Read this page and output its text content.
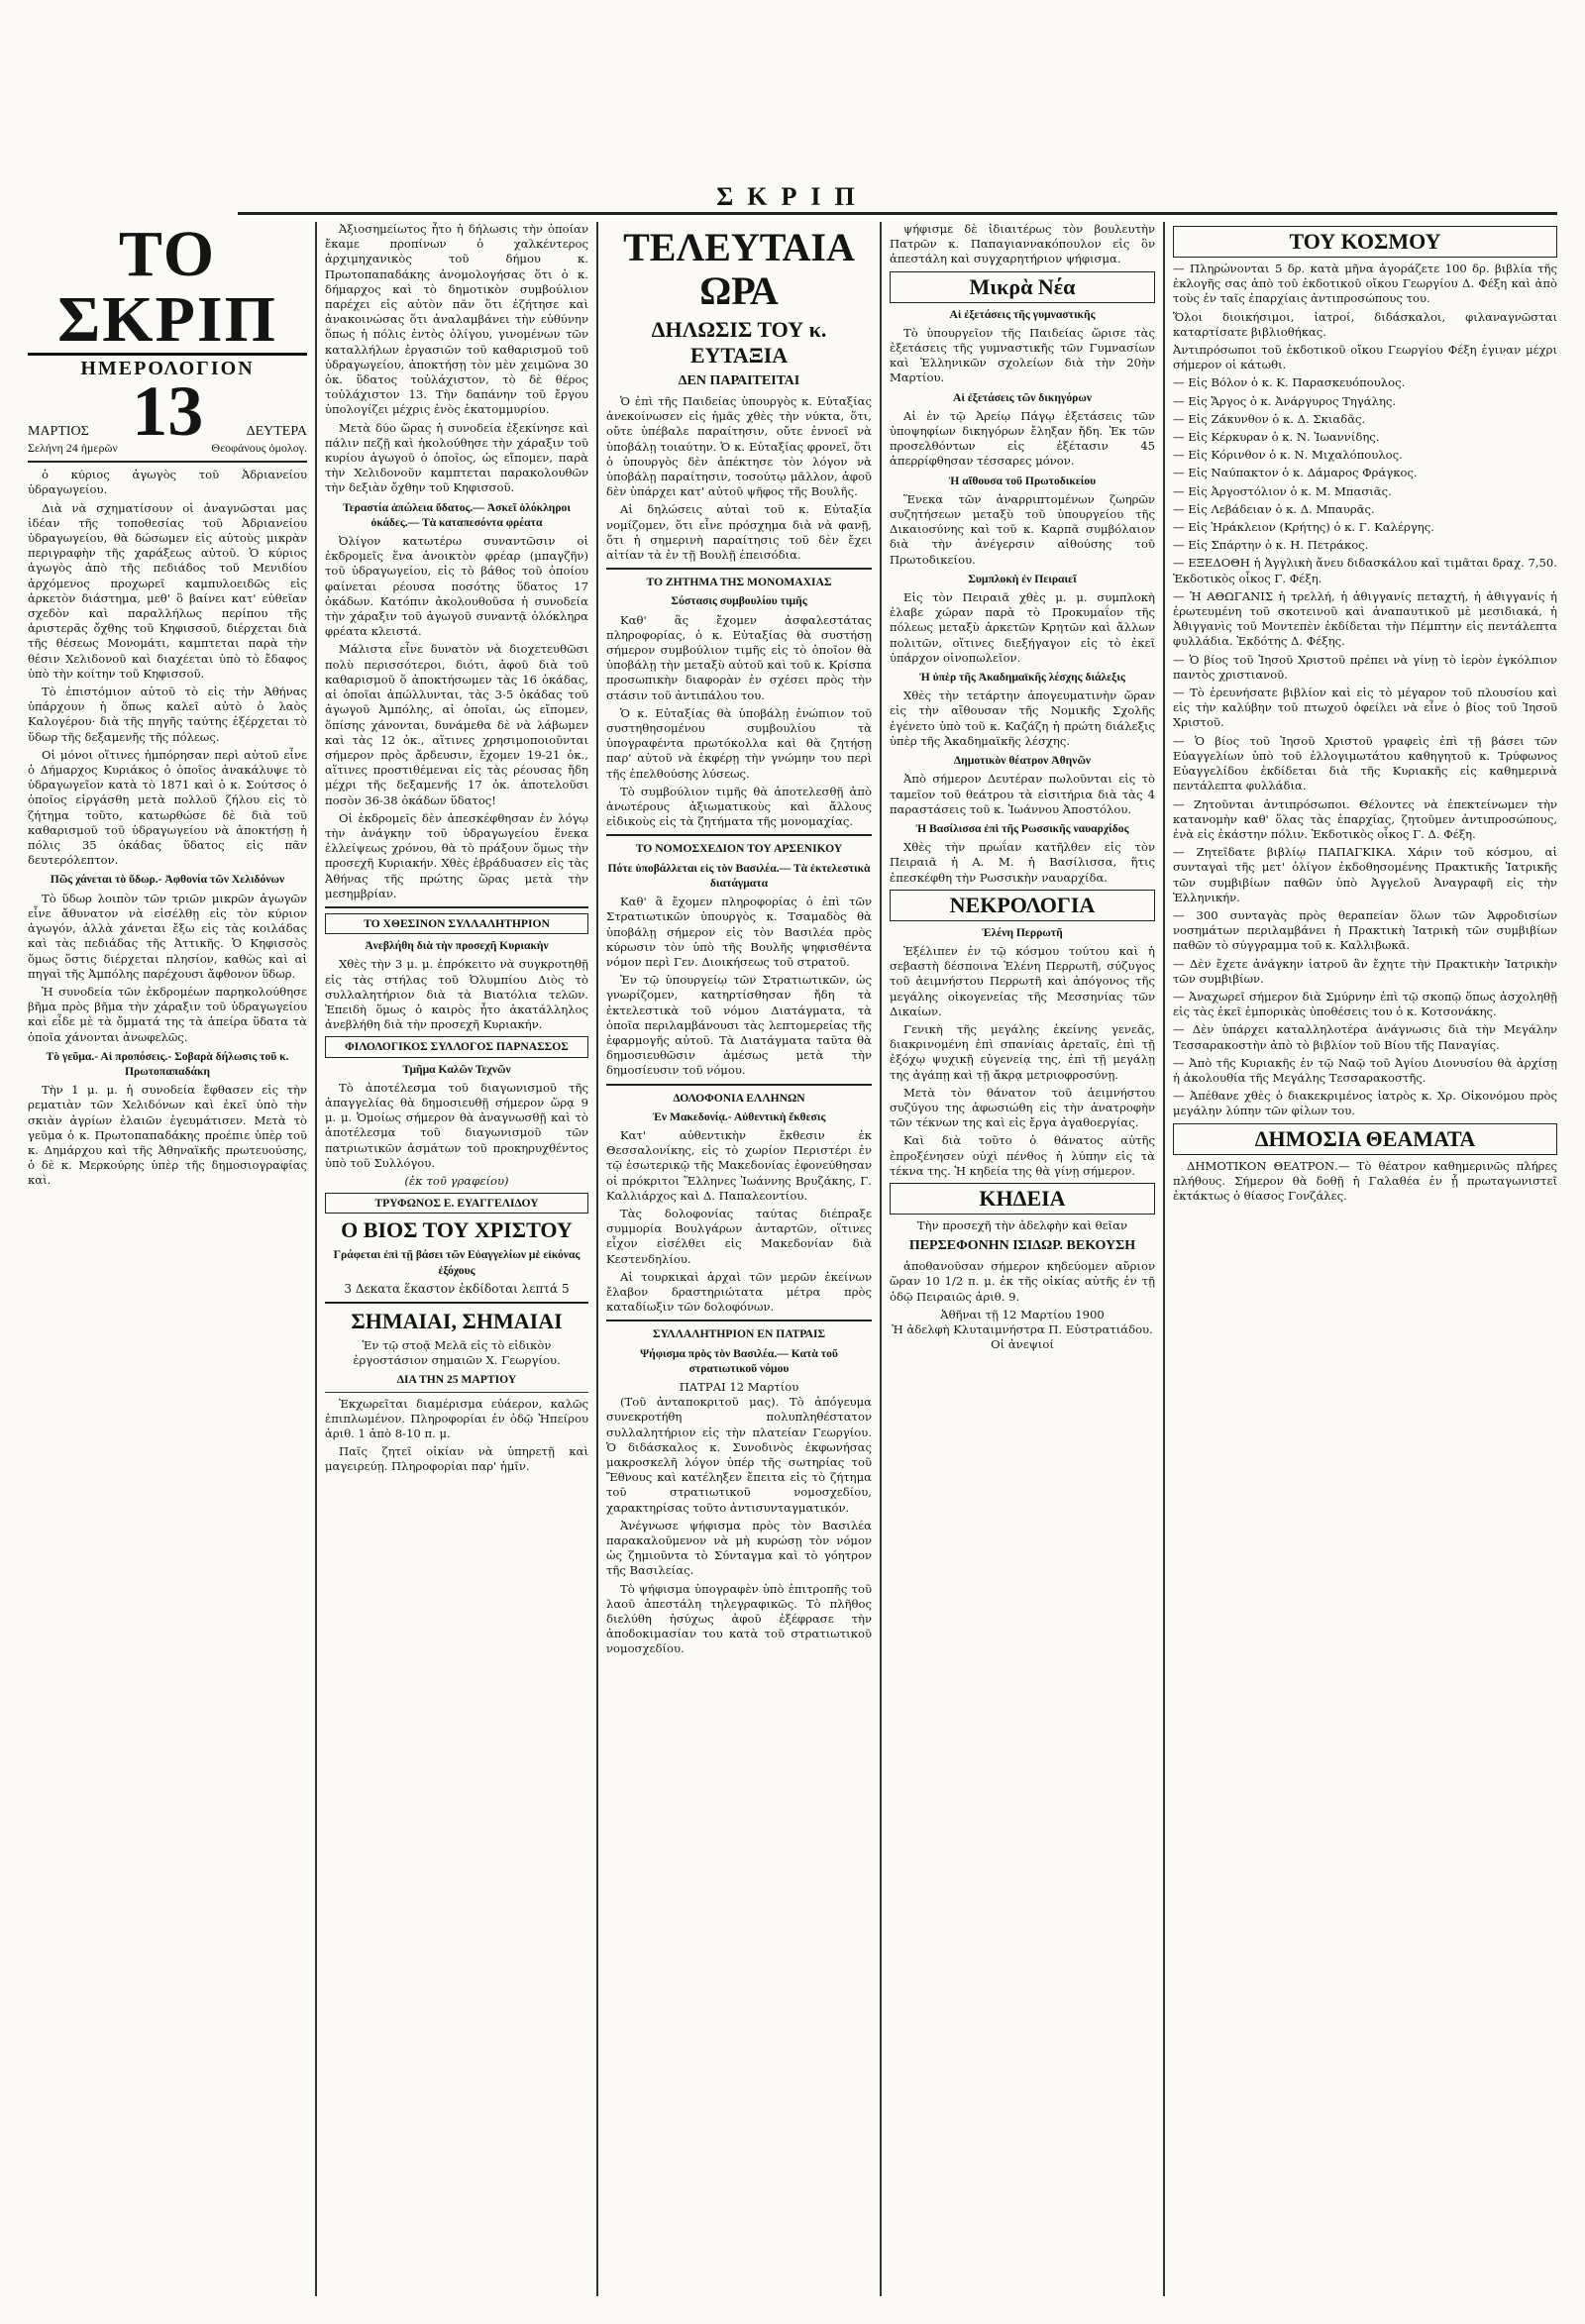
ΣΚΡΙΠ
ΤΟ ΣΚΡΙΠ
ΗΜΕΡΟΛΟΓΙΟΝ
ΜΑΡΤΙΟΣ 13	ΔΕΥΤΕΡΑ
Σελήνη 24 ἡμερῶν	Θεοφάνους ὁμολογ.

ὁ κύριος ἀγωγὸς τοῦ Ἀδριανείου ὑδραγωγείου.

Διὰ νὰ σχηματίσουν οἱ ἀναγνῶσται μας ἰδέαν τῆς τοποθεσίας τοῦ Ἀδριανείου ὑδραγωγείου, θὰ δώσωμεν εἰς αὐτοὺς μικρὰν περιγραφὴν τῆς χαράξεως αὐτοῦ. Ὁ κύριος ἀγωγὸς ἀπὸ τῆς πεδιάδος τοῦ Μενιδίου ἀρχόμενος προχωρεῖ καμπυλοειδῶς εἰς ἀρκετὸν διάστημα, μεθ' ὃ βαίνει κατ' εὐθεῖαν σχεδὸν καὶ παραλλήλως περίπου τῆς ἀριστερᾶς ὄχθης τοῦ Κηφισσοῦ, διέρχεται διὰ τῆς θέσεως Μονομάτι, καμπτεται παρὰ τὴν θέσιν Χελιδονοῦ καὶ διαχέεται ὑπὸ τὸ ἔδαφος ὑπὸ τὴν κοίτην τοῦ Κηφισσοῦ.

Τὸ ἐπιστόμιον αὐτοῦ τὸ εἰς τὴν Ἀθήνας ὑπάρχουν ἡ ὅπως καλεῖ αὐτὸ ὁ λαὸς Καλογέρου· διὰ τῆς πηγῆς ταύτης ἐξέρχεται τὸ ὕδωρ τῆς δεξαμενῆς τῆς πόλεως.

Οἱ μόνοι οἵτινες ἠμπόρησαν περὶ αὐτοῦ εἶνε ὁ Δήμαρχος Κυριάκος ὁ ὁποῖος ἀνακάλυψε τὸ ὑδραγωγεῖον κατὰ τὸ 1871 καὶ ὁ κ. Σούτσος ὁ ὁποῖος εἰργάσθη μετὰ πολλοῦ ζήλου εἰς τὸ ζήτημα τοῦτο, κατωρθώσε δὲ διὰ τοῦ καθαρισμοῦ τοῦ ὑδραγωγείου νὰ ἀποκτήσῃ ἡ πόλις 35 ὀκάδας ὕδατος εἰς πᾶν δευτερόλεπτον.

Πῶς χάνεται τὸ ὕδωρ.- Ἀφθονία τῶν Χελιδόνων

Τὸ ὕδωρ λοιπὸν τῶν τριῶν μικρῶν ἀγωγῶν εἶνε ἄθυνατον νὰ εἰσέλθῃ εἰς τὸν κύριον ἀγωγόν, ἀλλὰ χάνεται ἔξω εἰς τὰς κοιλάδας καὶ τὰς πεδιάδας τῆς Ἀττικῆς. Ὁ Κηφισσὸς ὅμως ὅστις διέρχεται πλησίον, καθὼς καὶ αἱ πηγαὶ τῆς Ἀμπόλης παρέχουσι ἄφθονον ὕδωρ.

Ἡ συνοδεία τῶν ἐκδρομέων παρηκολούθησε βῆμα πρὸς βῆμα τὴν χάραξιν τοῦ ὑδραγωγείου καὶ εἶδε μὲ τὰ ὄμματά της τὰ ἀπείρα ὕδατα τὰ ὁποῖα χάνονται ἀνωφελῶς.

Τὸ γεῦμα.- Αἱ προπόσεις.- Σοβαρὰ δήλωσις τοῦ κ. Πρωτοπαπαδάκη

Τὴν 1 μ. μ. ἡ συνοδεία ἔφθασεν εἰς τὴν ρεματιὰν τῶν Χελιδόνων καὶ ἐκεῖ ὑπὸ τὴν σκιὰν ἀγρίων ἐλαιῶν ἐγευμάτισεν. Μετὰ τὸ γεῦμα ὁ κ. Πρωτοπαπαδάκης προέπιε ὑπὲρ τοῦ κ. Δημάρχου καὶ τῆς Ἀθηναϊκῆς πρωτευούσης, ὁ δὲ κ. Μερκούρης ὑπὲρ τῆς δημοσιογραφίας καὶ.

Ἀξιοσημείωτος ἦτο ἡ δήλωσις τὴν ὁποίαν ἔκαμε προπίνων ὁ χαλκέντερος ἀρχιμηχανικὸς τοῦ δήμου κ. Πρωτοπαπαδάκης ἀνομολογήσας ὅτι ὁ κ. δήμαρχος καὶ τὸ δημοτικὸν συμβούλιον παρέχει εἰς αὐτὸν πᾶν ὅτι ἐζήτησε καὶ ἀνακοινώσας ὅτι ἀναλαμβάνει τὴν εὐθύνην ὅπως ἡ πόλις ἐντὸς ὀλίγου, γινομένων τῶν καταλλήλων ἐργασιῶν τοῦ καθαρισμοῦ τοῦ ὑδραγωγείου, ἀποκτήσῃ τὸν μὲν χειμῶνα 30 ὀκ. ὕδατος τοὐλάχιστον, τὸ δὲ θέρος τοὐλάχιστον 13. Τὴν δαπάνην τοῦ ἔργου ὑπολογίζει μέχρις ἑνὸς ἑκατομμυρίου.

Μετὰ δύο ὥρας ἡ συνοδεία ἐξεκίνησε καὶ πάλιν πεζῇ καὶ ἠκολούθησε τὴν χάραξιν τοῦ κυρίου ἀγωγοῦ ὁ ὁποῖος, ὡς εἴπομεν, παρὰ τὴν Χελιδονοῦν καμπτεται παρακολουθῶν τὴν δεξιὰν ὄχθην τοῦ Κηφισσοῦ.

Τεραστία ἀπώλεια ὕδατος.— Ἀσκεῖ ὁλόκληροι ὀκάδες.— Τὰ καταπεσόντα φρέατα

Ὀλίγον κατωτέρω συναντῶσιν οἱ ἐκδρομεῖς ἕνα ἀνοικτὸν φρέαρ (μπαγζῆν) τοῦ ὑδραγωγείου, εἰς τὸ βάθος τοῦ ὁποίου φαίνεται ρέουσα ποσότης ὕδατος 17 ὀκάδων. Κατόπιν ἀκολουθοῦσα ἡ συνοδεία τὴν χάραξιν τοῦ ἀγωγοῦ συναντᾷ ὁλόκληρα φρέατα κλειστά.

Μάλιστα εἶνε δυνατὸν νὰ διοχετευθῶσι πολὺ περισσότεροι, διότι, ἀφοῦ διὰ τοῦ καθαρισμοῦ ὅ ἀποκτήσωμεν τὰς 16 ὀκάδας, αἱ ὁποῖαι ἀπώλλυνται, τὰς 3-5 ὀκάδας τοῦ ἀγωγοῦ Ἀμπόλης, αἱ ὁποῖαι, ὡς εἴπομεν, ὅπίσης χάνονται, δυνάμεθα δὲ νὰ λάβωμεν καὶ τὰς 12 ὀκ., αἵτινες χρησιμοποιοῦνται σήμερον πρὸς ἄρδευσιν, ἔχομεν 19-21 ὀκ., αἵτινες προστιθέμεναι εἰς τὰς ρέουσας ἤδη μέχρι τῆς δεξαμενῆς 17 ὀκ. ἀποτελοῦσι ποσὸν 36-38 ὀκάδων ὕδατος!

Οἱ ἐκδρομεῖς δὲν ἀπεσκέφθησαν ἐν λόγῳ τὴν ἀνάγκην τοῦ ὑδραγωγείου ἕνεκα ἐλλείψεως χρόνου, θὰ τὸ πράξουν ὅμως τὴν προσεχῆ Κυριακήν. Χθὲς ἐβράδυασεν εἰς τὰς Ἀθήνας τῆς πρώτης ὥρας μετὰ τὴν μεσημβρίαν.

ΤΟ ΧΘΕΣΙΝΟΝ ΣΥΛΛΑΛΗΤΗΡΙΟΝ
Ἀνεβλήθη διὰ τὴν προσεχῆ Κυριακὴν

Χθὲς τὴν 3 μ. μ. ἐπρόκειτο νὰ συγκροτηθῇ εἰς τὰς στήλας τοῦ Ὀλυμπίου Διὸς τὸ συλλαλητήριον διὰ τὰ Βιατόλια τελῶν. Ἐπειδὴ ὅμως ὁ καιρὸς ἦτο ἀκατάλληλος ἀνεβλήθη διὰ τὴν προσεχῆ Κυριακήν.

ΦΙΛΟΛΟΓΙΚΟΣ ΣΥΛΛΟΓΟΣ ΠΑΡΝΑΣΣΟΣ
Τμῆμα Καλῶν Τεχνῶν

Τὸ ἀποτέλεσμα τοῦ διαγωνισμοῦ τῆς ἀπαγγελίας θὰ δημοσιευθῇ σήμερον ὥρᾳ 9 μ. μ. Ὁμοίως σήμερον θὰ ἀναγνωσθῇ καὶ τὸ ἀποτέλεσμα τοῦ διαγωνισμοῦ τῶν πατριωτικῶν ἀσμάτων τοῦ προκηρυχθέντος ὑπὸ τοῦ Συλλόγου.

(ἐκ τοῦ γραφείου)
ΤΡΥΦΩΝΟΣ Ε. ΕΥΑΓΓΕΛΙΔΟΥ
Ο ΒΙΟΣ ΤΟΥ ΧΡΙΣΤΟΥ
Γράφεται ἐπὶ τῇ βάσει τῶν Εὐαγγελίων μὲ εἰκόνας ἐξόχους
3 Δεκατα ἕκαστον ἐκδίδοται λεπτά 5
ΣΗΜΑΙΑΙ, ΣΗΜΑΙΑΙ
Ἐν τῷ στοᾷ Μελᾶ εἰς τὸ εἰδικὸν ἐργοστάσιον σημαιῶν Χ. Γεωργίου.
ΔΙΑ ΤΗΝ 25 ΜΑΡΤΙΟΥ

Ἐκχωρεῖται διαμέρισμα εὐάερον, καλῶς ἐπιπλωμένον. Πληροφορίαι ἐν ὁδῷ Ἠπείρου ἀριθ. 1 ἀπὸ 8-10 π. μ.

Παῖς ζητεῖ οἰκίαν νὰ ὑπηρετῇ καὶ μαγειρεύῃ. Πληροφορίαι παρ' ἡμῖν.

ΤΕΛΕΥΤΑΙΑ ΩΡΑ
ΔΗΛΩΣΙΣ ΤΟΥ κ. ΕΥΤΑΞΙΑ
ΔΕΝ ΠΑΡΑΙΤΕΙΤΑΙ

Ὁ ἐπὶ τῆς Παιδείας ὑπουργὸς κ. Εὐταξίας ἀνεκοίνωσεν εἰς ἡμᾶς χθὲς τὴν νύκτα, ὅτι, οὔτε ὑπέβαλε παραίτησιν, οὔτε ἐννοεῖ νὰ ὑποβάλῃ τοιαύτην. Ὁ κ. Εὐταξίας φρονεῖ, ὅτι ὁ ὑπουργὸς δὲν ἀπέκτησε τὸν λόγον νὰ ὑποβάλῃ παραίτησιν, τοσούτῳ μᾶλλον, ἀφοῦ δὲν ὑπάρχει κατ' αὐτοῦ ψῆφος τῆς Βουλῆς.

Αἱ δηλώσεις αὐταὶ τοῦ κ. Εὐταξία νομίζομεν, ὅτι εἶνε πρόσχημα διὰ νὰ φανῇ, ὅτι ἡ σημερινὴ παραίτησις τοῦ δὲν ἔχει αἰτίαν τὰ ἐν τῇ Βουλῇ ἐπεισόδια.

ΤΟ ΖΗΤΗΜΑ ΤΗΣ ΜΟΝΟΜΑΧΙΑΣ
Σύστασις συμβουλίου τιμῆς

Καθ' ἃς ἔχομεν ἀσφαλεστάτας πληροφορίας, ὁ κ. Εὐταξίας θὰ συστήσῃ σήμερον συμβούλιον τιμῆς εἰς τὸ ὁποῖον θὰ ὑποβάλῃ τὴν μεταξὺ αὐτοῦ καὶ τοῦ κ. Κρίσπα προσωπικὴν διαφορὰν ἐν σχέσει πρὸς τὴν στάσιν τοῦ ἀντιπάλου του.

Ὁ κ. Εὐταξίας θὰ ὑποβάλῃ ἐνώπιον τοῦ συστηθησομένου συμβουλίου τὰ ὑπογραφέντα πρωτόκολλα καὶ θὰ ζητήσῃ παρ' αὐτοῦ νὰ ἐκφέρῃ τὴν γνώμην του περὶ τῆς ἐπελθούσης λύσεως.

Τὸ συμβούλιον τιμῆς θὰ ἀποτελεσθῇ ἀπὸ ἀνωτέρους ἀξιωματικοὺς καὶ ἄλλους εἰδικοὺς εἰς τὰ ζητήματα τῆς μονομαχίας.

ΤΟ ΝΟΜΟΣΧΕΔΙΟΝ ΤΟΥ ΑΡΣΕΝΙΚΟΥ
Πότε ὑποβάλλεται εἰς τὸν Βασιλέα.— Τὰ ἐκτελεστικὰ διατάγματα

Καθ' ἃ ἔχομεν πληροφορίας ὁ ἐπὶ τῶν Στρατιωτικῶν ὑπουργὸς κ. Τσαμαδὸς θὰ ὑποβάλῃ σήμερον εἰς τὸν Βασιλέα πρὸς κύρωσιν τὸν ὑπὸ τῆς Βουλῆς ψηφισθέντα νόμον περὶ Γεν. Διοικήσεως τοῦ στρατοῦ.

Ἐν τῷ ὑπουργείῳ τῶν Στρατιωτικῶν, ὡς γνωρίζομεν, κατηρτίσθησαν ἤδη τὰ ἐκτελεστικὰ τοῦ νόμου Διατάγματα, τὰ ὁποῖα περιλαμβάνουσι τὰς λεπτομερείας τῆς ἐφαρμογῆς αὐτοῦ. Τὰ Διατάγματα ταῦτα θὰ δημοσιευθῶσιν ἀμέσως μετὰ τὴν δημοσίευσιν τοῦ νόμου.

ΔΟΛΟΦΟΝΙΑ ΕΛΛΗΝΩΝ
Ἐν Μακεδονίᾳ.- Αὐθεντικὴ ἔκθεσις

Κατ' αὐθεντικὴν ἔκθεσιν ἐκ Θεσσαλονίκης, εἰς τὸ χωρίον Περιστέρι ἐν τῷ ἐσωτερικῷ τῆς Μακεδονίας ἐφονεύθησαν οἱ πρόκριτοι Ἕλληνες Ἰωάννης Βρυζάκης, Γ. Καλλιάρχος καὶ Δ. Παπαλεοντίου.

Τὰς δολοφονίας ταύτας διέπραξε συμμορία Βουλγάρων ἀνταρτῶν, οἵτινες εἶχον εἰσέλθει εἰς Μακεδονίαν διὰ Κεστενδηλίου.

Αἱ τουρκικαὶ ἀρχαὶ τῶν μερῶν ἐκείνων ἔλαβον δραστηριώτατα μέτρα πρὸς καταδίωξιν τῶν δολοφόνων.

ΣΥΛΛΑΛΗΤΗΡΙΟΝ ΕΝ ΠΑΤΡΑΙΣ
Ψήφισμα πρὸς τὸν Βασιλέα.— Κατὰ τοῦ στρατιωτικοῦ νόμου
ΠΑΤΡΑΙ 12 Μαρτίου

(Τοῦ ἀνταποκριτοῦ μας). Τὸ ἀπόγευμα συνεκροτήθη πολυπληθέστατον συλλαλητήριον εἰς τὴν πλατείαν Γεωργίου. Ὁ διδάσκαλος κ. Συνοδινὸς ἐκφωνήσας μακροσκελῆ λόγον ὑπέρ τῆς σωτηρίας τοῦ Ἔθνους καὶ κατέληξεν ἔπειτα εἰς τὸ ζήτημα τοῦ στρατιωτικοῦ νομοσχεδίου, χαρακτηρίσας τοῦτο ἀντισυνταγματικόν.

Ἀνέγνωσε ψήφισμα πρὸς τὸν Βασιλέα παρακαλοῦμενον νὰ μὴ κυρώσῃ τὸν νόμον ὡς ζημιοῦντα τὸ Σύνταγμα καὶ τὸ γόητρον τῆς Βασιλείας.

Τὸ ψήφισμα ὑπογραφὲν ὑπὸ ἐπιτροπῆς τοῦ λαοῦ ἀπεστάλη τηλεγραφικῶς. Τὸ πλῆθος διελύθη ἡσύχως ἀφοῦ ἐξέφρασε τὴν ἀποδοκιμασίαν του κατὰ τοῦ στρατιωτικοῦ νομοσχεδίου.

ψήφισμε δὲ ἰδιαιτέρως τὸν βουλευτὴν Πατρῶν κ. Παπαγιαννακόπουλον εἰς ὃν ἀπεστάλη καὶ συγχαρητήριον ψήφισμα.

Μικρὰ Νέα
Αἱ ἐξετάσεις τῆς γυμναστικῆς

Τὸ ὑπουργεῖον τῆς Παιδείας ὥρισε τὰς ἐξετάσεις τῆς γυμναστικῆς τῶν Γυμνασίων καὶ Ἑλληνικῶν σχολείων διὰ τὴν 20ὴν Μαρτίου.

Αἱ ἐξετάσεις τῶν δικηγόρων

Αἱ ἐν τῷ Ἀρείῳ Πάγῳ ἐξετάσεις τῶν ὑποψηφίων δικηγόρων ἔληξαν ἤδη. Ἐκ τῶν προσελθόντων εἰς ἐξέτασιν 45 ἀπερρίφθησαν τέσσαρες μόνον.

Ἡ αἴθουσα τοῦ Πρωτοδικείου

Ἕνεκα τῶν ἀναρριπτομένων ζωηρῶν συζητήσεων μεταξὺ τοῦ ὑπουργείου τῆς Δικαιοσύνης καὶ τοῦ κ. Καρπᾶ συμβόλαιον διὰ τὴν ἀνέγερσιν αἰθούσης τοῦ Πρωτοδικείου.

Συμπλοκὴ ἐν Πειραιεῖ

Εἰς τὸν Πειραιᾶ χθὲς μ. μ. συμπλοκὴ ἐλαβε χώραν παρὰ τὸ Προκυμαΐον τῆς πόλεως μεταξὺ ἀρκετῶν Κρητῶν καὶ ἄλλων πολιτῶν, οἵτινες διεξήγαγον εἰς τὸ ἐκεῖ ὑπάρχον οἰνοπωλεῖον.

Ἡ ὑπὲρ τῆς Ἀκαδημαϊκῆς λέσχης διάλεξις

Χθὲς τὴν τετάρτην ἀπογευματινὴν ὥραν εἰς τὴν αἴθουσαν τῆς Νομικῆς Σχολῆς ἐγένετο ὑπὸ τοῦ κ. Καζάζη ἡ πρώτη διάλεξις ὑπὲρ τῆς Ἀκαδημαϊκῆς λέσχης.

Δημοτικὸν θέατρον Ἀθηνῶν

Ἀπὸ σήμερον Δευτέραν πωλοῦνται εἰς τὸ ταμεῖον τοῦ θεάτρου τὰ εἰσιτήρια διὰ τὰς 4 παραστάσεις τοῦ κ. Ἰωάννου Ἀποστόλου.

Ἡ Βασίλισσα ἐπὶ τῆς Ρωσσικῆς ναυαρχίδος

Χθὲς τὴν πρωΐαν κατῆλθεν εἰς τὸν Πειραιᾶ ἡ Α. Μ. ἡ Βασίλισσα, ἥτις ἐπεσκέφθη τὴν Ρωσσικὴν ναυαρχίδα.

ΝΕΚΡΟΛΟΓΙΑ
Ἑλένη Περρωτῆ

Ἐξέλιπεν ἐν τῷ κόσμου τούτου καὶ ἡ σεβαστὴ δέσποινα Ἑλένη Περρωτῆ, σύζυγος τοῦ ἀειμνήστου Περρωτῆ καὶ ἀπόγονος τῆς μεγάλης οἰκογενείας τῆς Μεσσηνίας τῶν Δικαίων.

Γενικὴ τῆς μεγάλης ἐκείνης γενεᾶς, διακρινομένη ἐπὶ σπανίαις ἀρεταῖς, ἐπὶ τῇ ἐξόχῳ ψυχικῇ εὐγενείᾳ της, ἐπὶ τῇ μεγάλῃ της ἀγάπῃ καὶ τῇ ἄκρᾳ μετριοφροσύνῃ.

Μετὰ τὸν θάνατον τοῦ ἀειμνήστου συζύγου της ἀφωσιώθη εἰς τὴν ἀνατροφὴν τῶν τέκνων της καὶ εἰς ἔργα ἀγαθοεργίας.

Καὶ διὰ τοῦτο ὁ θάνατος αὐτῆς ἐπροξένησεν οὐχὶ πένθος ἡ λύπην εἰς τὰ τέκνα της. Ἡ κηδεία της θὰ γίνῃ σήμερον.

ΚΗΔΕΙΑ
Τὴν προσεχῆ τὴν ἀδελφὴν καὶ θεῖαν
ΠΕΡΣΕΦΟΝΗΝ ΙΣΙΔΩΡ. ΒΕΚΟΥΣΗ

ἀποθανοῦσαν σήμερον κηδεύομεν αὔριον ὥραν 10 1/2 π. μ. ἐκ τῆς οἰκίας αὐτῆς ἐν τῇ ὁδῷ Πειραιῶς ἀριθ. 9.

Ἀθῆναι τῇ 12 Μαρτίου 1900
Ἡ ἀδελφὴ Κλυταιμνήστρα Π. Εὐστρατιάδου. Οἱ ἀνεψιοί
ΤΟΥ ΚΟΣΜΟΥ

— Πληρώνονται 5 δρ. κατὰ μῆνα ἀγοράζετε 100 δρ. βιβλία τῆς ἐκλογῆς σας ἀπὸ τοῦ ἐκδοτικοῦ οἴκου Γεωργίου Δ. Φέξη καὶ ἀπὸ τοὺς ἐν ταῖς ἐπαρχίαις ἀντιπροσώπους του.

Ὅλοι διοικήσιμοι, ἰατροί, διδάσκαλοι, φιλαναγνῶσται καταρτίσατε βιβλιοθήκας.

Ἀντιπρόσωποι τοῦ ἐκδοτικοῦ οἴκου Γεωργίου Φέξη ἐγιναν μέχρι σήμερον οἱ κάτωθι.

— Εἰς Βόλον ὁ κ. Κ. Παρασκευόπουλος.

— Εἰς Ἄργος ὁ κ. Ἀνάργυρος Τηγάλης.

— Εἰς Ζάκυνθον ὁ κ. Δ. Σκιαδᾶς.

— Εἰς Κέρκυραν ὁ κ. Ν. Ἰωαννίδης.

— Εἰς Κόρινθον ὁ κ. Ν. Μιχαλόπουλος.

— Εἰς Ναύπακτον ὁ κ. Δάμαρος Φράγκος.

— Εἰς Ἀργοστόλιον ὁ κ. Μ. Μπασιᾶς.

— Εἰς Λεβάδειαν ὁ κ. Δ. Μπαυρᾶς.

— Εἰς Ἡράκλειον (Κρήτης) ὁ κ. Γ. Καλέργης.

— Εἰς Σπάρτην ὁ κ. Η. Πετράκος.

— ΕΞΕΔΟΘΗ ἡ Ἀγγλικὴ ἄνευ διδασκάλου καὶ τιμᾶται δραχ. 7,50. Ἐκδοτικὸς οἶκος Γ. Φέξη.

— Ἡ ΑΘΩΓΑΝΙΣ ἡ τρελλή, ἡ ἀθιγγανίς πεταχτή, ἡ ἀθιγγανίς ἡ ἐρωτευμένη τοῦ σκοτεινοῦ καὶ ἀναπαυτικοῦ μὲ μεσιδιακά, ἡ Ἀθιγγανὶς τοῦ Μοντεπὲν ἐκδίδεται τὴν Πέμπτην εἰς πεντάλεπτα φυλλάδια. Ἐκδότης Δ. Φέξης.

— Ὁ βίος τοῦ Ἰησοῦ Χριστοῦ πρέπει νὰ γίνῃ τὸ ἱερὸν ἐγκόλπιον παντὸς χριστιανοῦ.

— Τὸ ἐρευνήσατε βιβλίον καὶ εἰς τὸ μέγαρον τοῦ πλουσίου καὶ εἰς τὴν καλύβην τοῦ πτωχοῦ ὀφείλει νὰ εἶνε ὁ βίος τοῦ Ἰησοῦ Χριστοῦ.

— Ὁ βίος τοῦ Ἰησοῦ Χριστοῦ γραφεὶς ἐπὶ τῇ βάσει τῶν Εὐαγγελίων ὑπὸ τοῦ ἐλλογιμωτάτου καθηγητοῦ κ. Τρύφωνος Εὐαγγελίδου ἐκδίδεται διὰ τῆς Κυριακῆς εἰς καθημερινὰ πεντάλεπτα φυλλάδια.

— Ζητοῦνται ἀντιπρόσωποι. Θέλοντες νὰ ἐπεκτείνωμεν τὴν κατανομὴν καθ' ὅλας τὰς ἐπαρχίας, ζητοῦμεν ἀντιπροσώπους, ἐνὰ εἰς ἑκάστην πόλιν. Ἐκδοτικὸς οἶκος Γ. Δ. Φέξη.

— Ζητεῖδατε βιβλίῳ ΠΑΠΑΓΚΙΚΑ. Χάριν τοῦ κόσμου, αἱ συνταγαὶ τῆς μετ' ὀλίγον ἐκδοθησομένης Πρακτικῆς Ἰατρικῆς τῶν συμβιβίων παθῶν ὑπὸ Ἀγγελοῦ Ἀναγραφῆ εἰς τὴν Ἑλληνικήν.

— 300 συνταγὰς πρὸς θεραπείαν ὅλων τῶν Ἀφροδισίων νοσημάτων περιλαμβάνει ἡ Πρακτικὴ Ἰατρικὴ τῶν συμβιβίων παθῶν τὸ σύγγραμμα τοῦ κ. Καλλιβωκᾶ.

— Δὲν ἔχετε ἀνάγκην ἰατροῦ ἂν ἔχητε τὴν Πρακτικὴν Ἰατρικὴν τῶν συμβιβίων.

— Ἀναχωρεῖ σήμερον διὰ Σμύρνην ἐπὶ τῷ σκοπῷ ὅπως ἀσχοληθῇ εἰς τὰς ἐκεῖ ἐμπορικὰς ὑποθέσεις του ὁ κ. Κοτσονάκης.

— Δὲν ὑπάρχει καταλληλοτέρα ἀνάγνωσις διὰ τὴν Μεγάλην Τεσσαρακοστὴν ἀπὸ τὸ βιβλίον τοῦ Βίου τῆς Παναγίας.

— Ἀπὸ τῆς Κυριακῆς ἐν τῷ Ναῷ τοῦ Ἀγίου Διονυσίου θὰ ἀρχίσῃ ἡ ἀκολουθία τῆς Μεγάλης Τεσσαρακοστῆς.

— Ἀπέθανε χθὲς ὁ διακεκριμένος ἰατρὸς κ. Χρ. Οἰκονόμου πρὸς μεγάλην λύπην τῶν φίλων του.

ΔΗΜΟΣΙΑ ΘΕΑΜΑΤΑ

ΔΗΜΟΤΙΚΟΝ ΘΕΑΤΡΟΝ.— Τὸ θέατρον καθημερινῶς πλήρες πλήθους. Σήμερον θὰ δοθῇ ἡ Γαλαθέα ἐν ᾗ πρωταγωνιστεῖ ἐκτάκτως ὁ θίασος Γονζάλες.
